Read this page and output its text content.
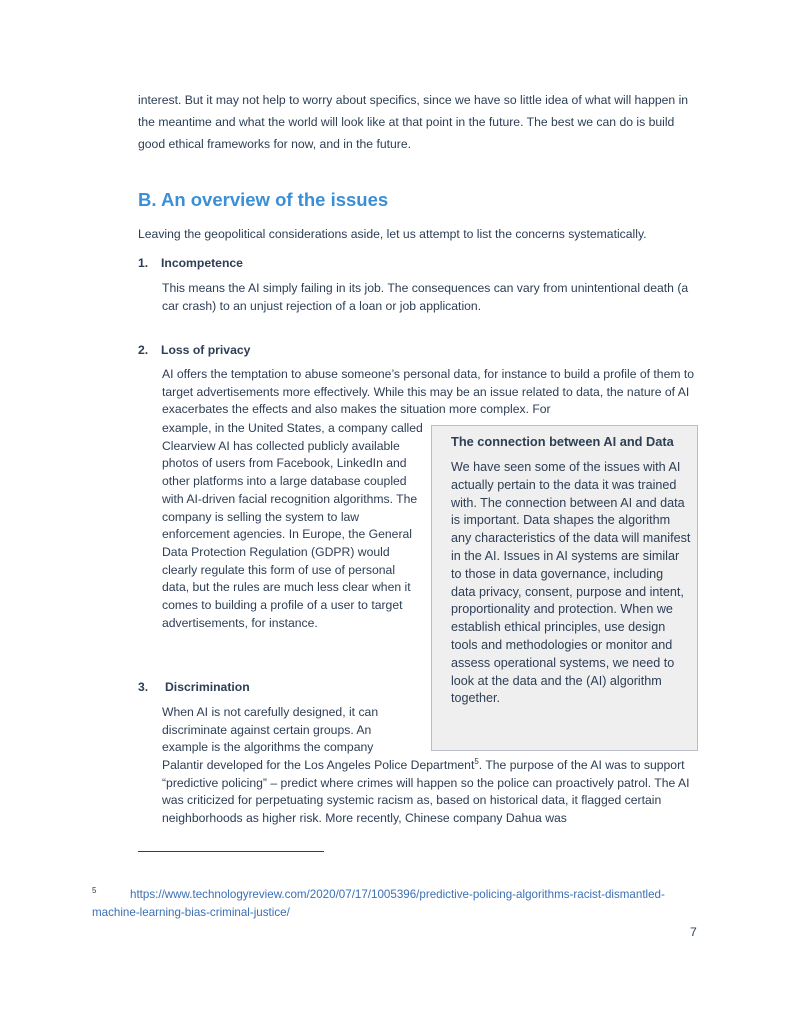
interest. But it may not help to worry about specifics, since we have so little idea of what will happen in the meantime and what the world will look like at that point in the future. The best we can do is build good ethical frameworks for now, and in the future.

B. An overview of the issues

Leaving the geopolitical considerations aside, let us attempt to list the concerns systematically.

1. Incompetence

This means the AI simply failing in its job. The consequences can vary from unintentional death (a car crash) to an unjust rejection of a loan or job application.

2. Loss of privacy

AI offers the temptation to abuse someone’s personal data, for instance to build a profile of them to target advertisements more effectively. While this may be an issue related to data, the nature of AI exacerbates the effects and also makes the situation more complex. For

example, in the United States, a company called Clearview AI has collected publicly available photos of users from Facebook, LinkedIn and other platforms into a large database coupled with AI-driven facial recognition algorithms. The company is selling the system to law enforcement agencies. In Europe, the General Data Protection Regulation (GDPR) would clearly regulate this form of use of personal data, but the rules are much less clear when it comes to building a profile of a user to target advertisements, for instance.

3. Discrimination

When AI is not carefully designed, it can discriminate against certain groups. An example is the algorithms the company

Palantir developed for the Los Angeles Police Department$^5$. The purpose of the AI was to support “predictive policing” – predict where crimes will happen so the police can proactively patrol. The AI was criticized for perpetuating systemic racism as, based on historical data, it flagged certain neighborhoods as higher risk. More recently, Chinese company Dahua was

The connection between AI and Data

We have seen some of the issues with AI actually pertain to the data it was trained with. The connection between AI and data is important. Data shapes the algorithm any characteristics of the data will manifest in the AI. Issues in AI systems are similar to those in data governance, including data privacy, consent, purpose and intent, proportionality and protection. When we establish ethical principles, use design tools and methodologies or monitor and assess operational systems, we need to look at the data and the (AI) algorithm together.

5	https://www.technologyreview.com/2020/07/17/1005396/predictive-policing-algorithms-racist-dismantled-machine-learning-bias-criminal-justice/

7
